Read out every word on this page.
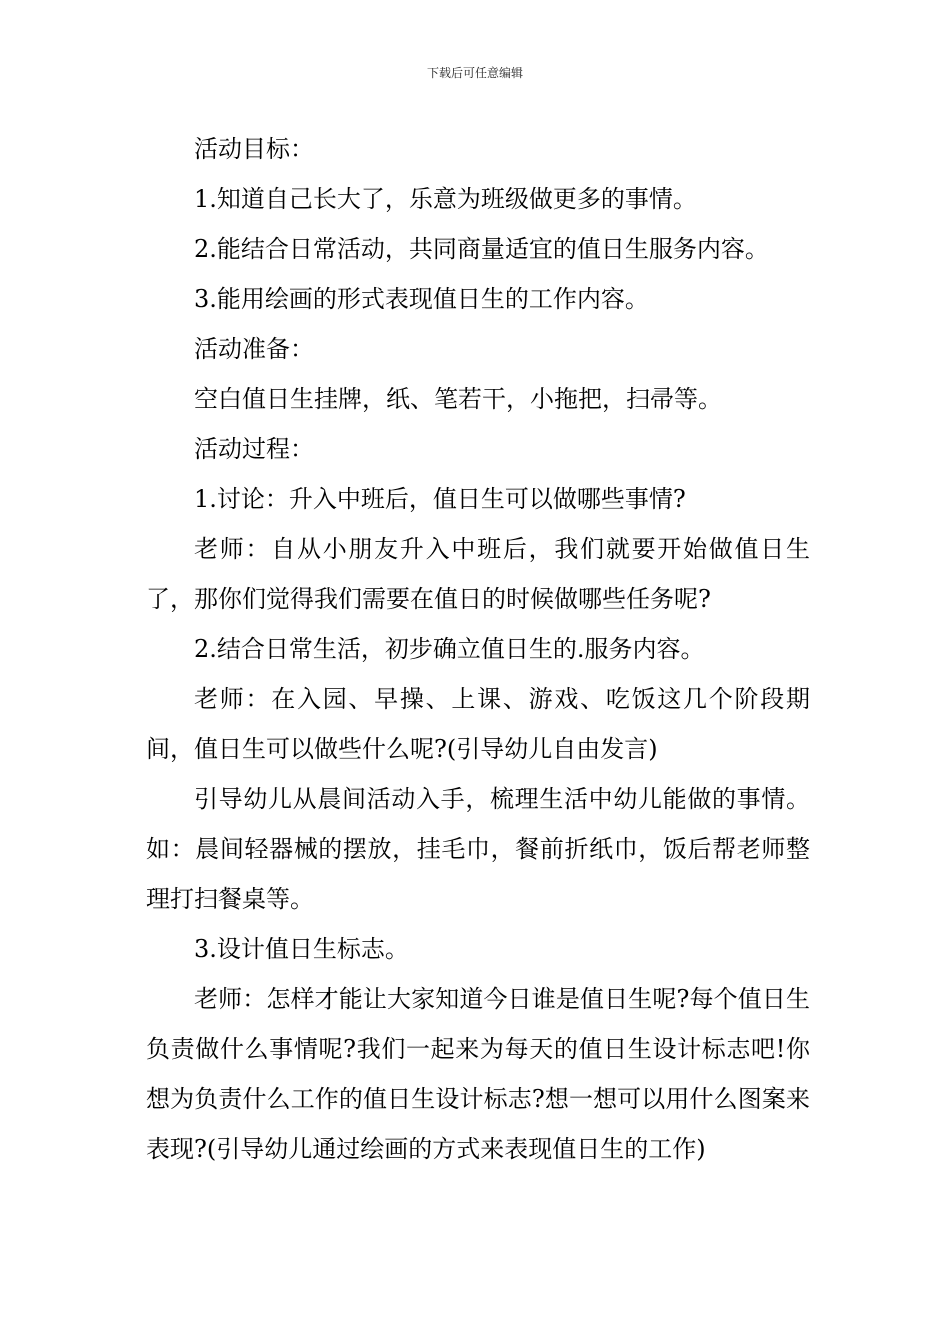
下载后可任意编辑

活动目标：

1.知道自己长大了，乐意为班级做更多的事情。

2.能结合日常活动，共同商量适宜的值日生服务内容。

3.能用绘画的形式表现值日生的工作内容。

活动准备：

空白值日生挂牌，纸、笔若干，小拖把，扫帚等。

活动过程：

1.讨论：升入中班后，值日生可以做哪些事情?

老师：自从小朋友升入中班后，我们就要开始做值日生了，那你们觉得我们需要在值日的时候做哪些任务呢?

2.结合日常生活，初步确立值日生的.服务内容。

老师：在入园、早操、上课、游戏、吃饭这几个阶段期间，值日生可以做些什么呢?(引导幼儿自由发言)

引导幼儿从晨间活动入手，梳理生活中幼儿能做的事情。如：晨间轻器械的摆放，挂毛巾，餐前折纸巾，饭后帮老师整理打扫餐桌等。

3.设计值日生标志。

老师：怎样才能让大家知道今日谁是值日生呢?每个值日生负责做什么事情呢?我们一起来为每天的值日生设计标志吧!你想为负责什么工作的值日生设计标志?想一想可以用什么图案来表现?(引导幼儿通过绘画的方式来表现值日生的工作)
